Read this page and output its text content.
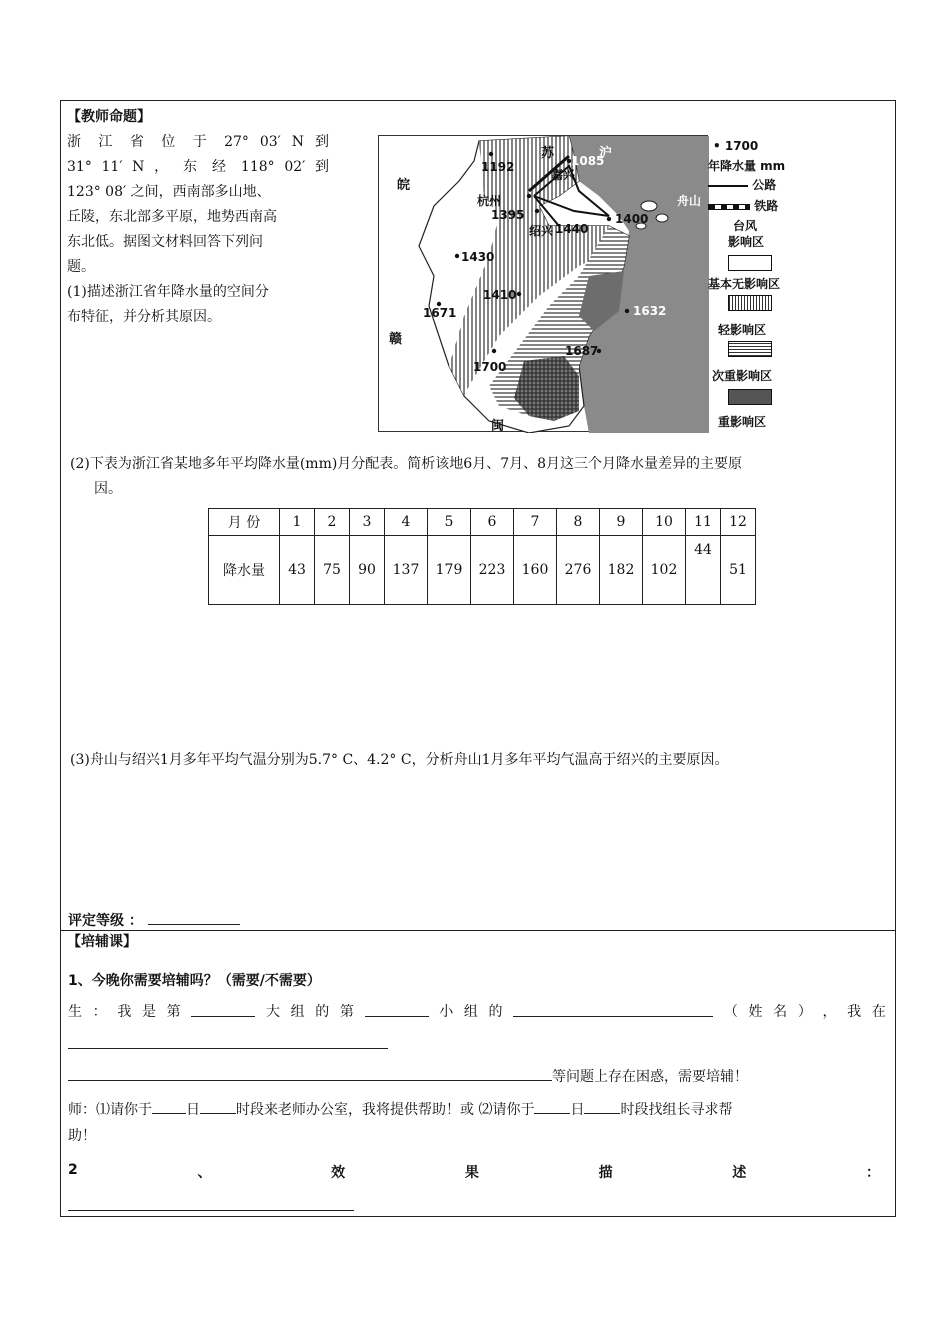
【教师命题】
浙 江 省 位 于 27° 03′ N 到
31° 11′ N ， 东 经 118° 02′ 到
123° 08′ 之间，西南部多山地、
丘陵，东北部多平原，地势西南高
东北低。据图文材料回答下列问
题。
(1)描述浙江省年降水量的空间分
布特征，并分析其原因。
皖
苏	沪
赣
闽
1192	1085
嘉兴
杭州
1395
绍兴 1440
1400
舟山
1430
1410
1671	1632
1687
1700
• 1700
年降水量 mm
公路
铁路
台风
影响区
基本无影响区
轻影响区
次重影响区
重影响区
(2)下表为浙江省某地多年平均降水量(mm)月分配表。简析该地6月、7月、8月这三个月降水量差异的主要原
因。
月 份	1	2	3	4	5	6	7	8	9	10	11	12
降水量	43	75	90	137	179	223	160	276	182	102	44	51
(3)舟山与绍兴1月多年平均气温分别为5.7° C、4.2° C，分析舟山1月多年平均气温高于绍兴的主要原因。
评定等级 ：
【培辅课】
1、今晚你需要培辅吗？（需要/不需要）
生 ： 我 是 第	大 组 的 第	小 组 的	（ 姓 名 ） ， 我 在
等问题上存在困惑，需要培辅！
师：⑴请你于 日	时段来老师办公室，我将提供帮助！或 ⑵请你于	日	时段找组长寻求帮
助！
2	、	效	果	描	述	：
